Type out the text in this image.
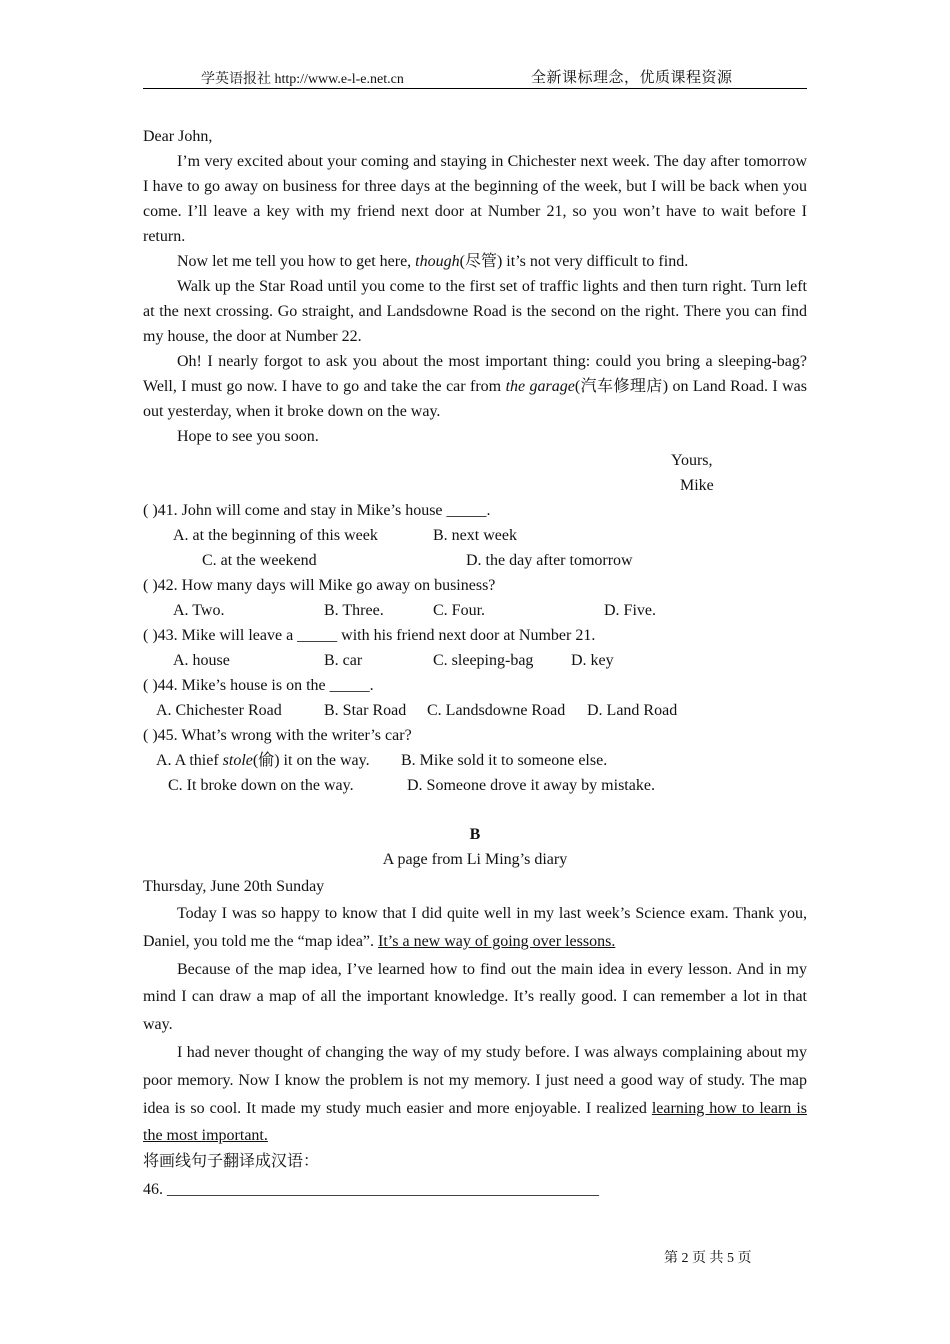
学英语报社 http://www.e-l-e.net.cn	全新课标理念，优质课程资源
Dear John,

I’m very excited about your coming and staying in Chichester next week. The day after tomorrow I have to go away on business for three days at the beginning of the week, but I will be back when you come. I’ll leave a key with my friend next door at Number 21, so you won’t have to wait before I return.

Now let me tell you how to get here, though(尽管) it’s not very difficult to find.

Walk up the Star Road until you come to the first set of traffic lights and then turn right. Turn left at the next crossing. Go straight, and Landsdowne Road is the second on the right. There you can find my house, the door at Number 22.

Oh! I nearly forgot to ask you about the most important thing: could you bring a sleeping-bag? Well, I must go now. I have to go and take the car from the garage(汽车修理店) on Land Road. I was out yesterday, when it broke down on the way.

Hope to see you soon.

Yours,
Mike
( )41. John will come and stay in Mike’s house _____.
A. at the beginning of this week	B. next week
C. at the weekend	D. the day after tomorrow
( )42. How many days will Mike go away on business?
A. Two.	B. Three.	C. Four.	D. Five.
( )43. Mike will leave a _____ with his friend next door at Number 21.
A. house	B. car	C. sleeping-bag D. key
( )44. Mike’s house is on the _____.
A. Chichester Road	B. Star Road C. Landsdowne Road D. Land Road
( )45. What’s wrong with the writer’s car?
A. A thief stole(偷) it on the way. B. Mike sold it to someone else.
C. It broke down on the way.	D. Someone drove it away by mistake.
B
A page from Li Ming’s diary
Thursday, June 20th Sunday

Today I was so happy to know that I did quite well in my last week’s Science exam. Thank you, Daniel, you told me the “map idea”. It’s a new way of going over lessons.

Because of the map idea, I’ve learned how to find out the main idea in every lesson. And in my mind I can draw a map of all the important knowledge. It’s really good. I can remember a lot in that way.

I had never thought of changing the way of my study before. I was always complaining about my poor memory. Now I know the problem is not my memory. I just need a good way of study. The map idea is so cool. It made my study much easier and more enjoyable. I realized learning how to learn is the most important.

将画线句子翻译成汉语：
46. ______________________________________________________
第 2 页 共 5 页
